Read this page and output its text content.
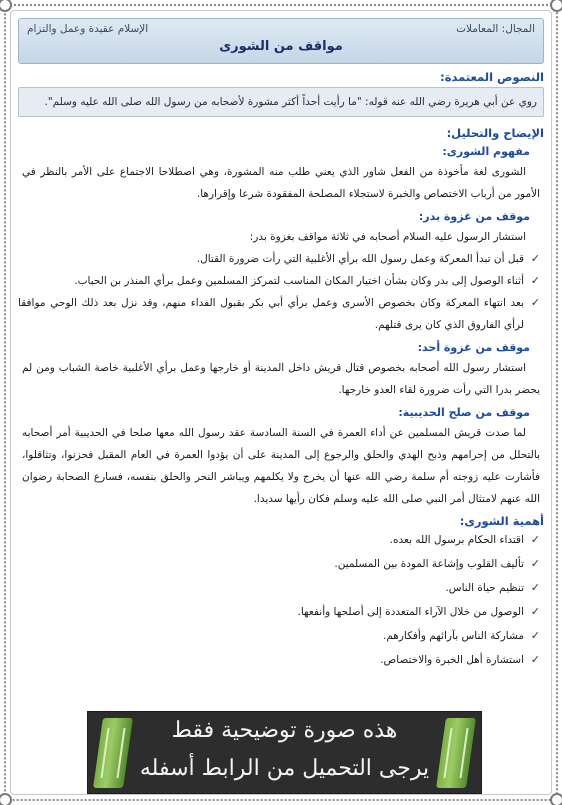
المجال: المعاملات
الإسلام عقيدة وعمل والتزام
مواقف من الشورى
النصوص المعتمدة:
روي عن أبي هريرة رضي الله عنه قوله: "ما رأيت أحداً أكثر مشورة لأصحابه من رسول الله صلى الله عليه وسلم".
الإيضاح والتحليل:
مفهوم الشورى:

الشورى لغة مأخوذة من الفعل شاور الذي يعني طلب منه المشورة، وهي اصطلاحا الاجتماع على الأمر بالنظر في الأمور من أرباب الاختصاص والخبرة لاستجلاء المصلحة المفقودة شرعا وإقرارها.

موقف من غزوة بدر:

استشار الرسول عليه السلام أصحابه في ثلاثة مواقف بغزوة بدر:

✓ قبل أن تبدأ المعركة وعمل رسول الله برأي الأغلبية التي رأت ضرورة القتال.
✓ أثناء الوصول إلى بدر وكان بشأن اختيار المكان المناسب لتمركز المسلمين وعمل برأي المنذر بن الحباب.
✓ بعد انتهاء المعركة وكان بخصوص الأسرى وعمل برأي أبي بكر بقبول الفداء منهم، وقد نزل بعد ذلك الوحي موافقا لرأي الفاروق الذي كان يرى قتلهم.
موقف من غزوة أحد:

استشار رسول الله أصحابه بخصوص قتال قريش داخل المدينة أو خارجها وعمل برأي الأغلبية خاصة الشباب ومن لم يحضر بدرا التي رأت ضرورة لقاء العدو خارجها.

موقف من صلح الحديبية:

لما صدت قريش المسلمين عن أداء العمرة في السنة السادسة عقد رسول الله معها صلحا في الحديبية أمر أصحابه بالتحلل من إحرامهم وذبح الهدي والحلق والرجوع إلى المدينة على أن يؤدوا العمرة في العام المقبل فحزنوا، وتثاقلوا، فأشارت عليه زوجته أم سلمة رضي الله عنها أن يخرج ولا يكلمهم ويباشر النحر والحلق بنفسه، فسارع الصحابة رضوان الله عنهم لامتثال أمر النبي صلى الله عليه وسلم فكان رأيها سديدا.

أهمية الشورى:
✓ اقتداء الحكام برسول الله بعده.
✓ تأليف القلوب وإشاعة المودة بين المسلمين.
✓ تنظيم حياة الناس.
✓ الوصول من خلال الآراء المتعددة إلى أصلحها وأنفعها.
✓ مشاركة الناس بآرائهم وأفكارهم.
✓ استشارة أهل الخبرة والاختصاص.
هذه صورة توضيحية فقط
يرجى التحميل من الرابط أسفله
